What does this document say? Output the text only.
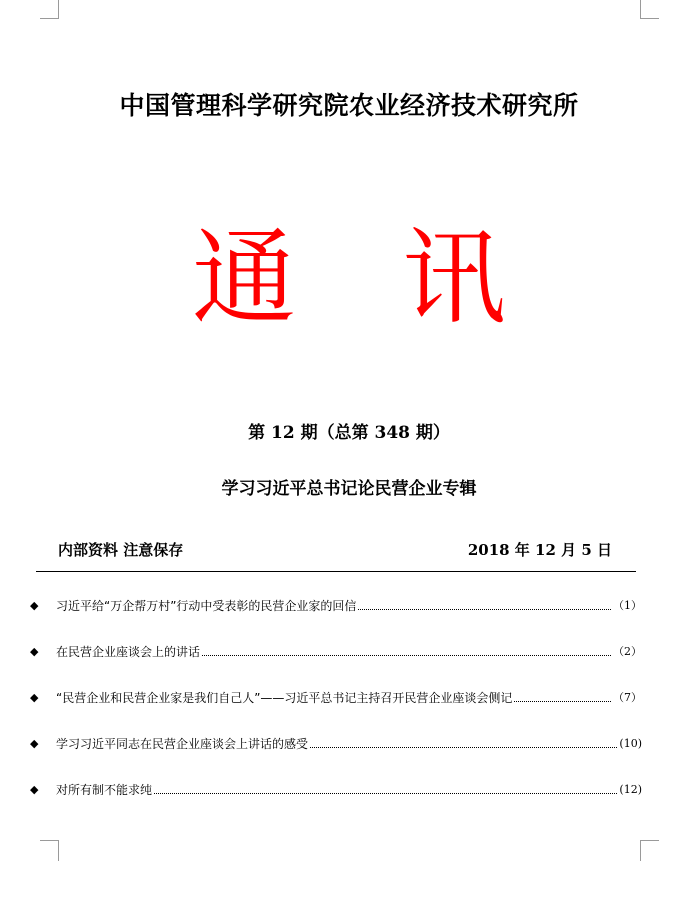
中国管理科学研究院农业经济技术研究所
通 讯
第 12 期（总第 348 期）
学习习近平总书记论民营企业专辑
内部资料 注意保存	2018 年 12 月 5 日
◆	习近平给“万企帮万村”行动中受表彰的民营企业家的回信	（1）
◆	在民营企业座谈会上的讲话	（2）
◆	“民营企业和民营企业家是我们自己人”——习近平总书记主持召开民营企业座谈会侧记	（7）
◆	学习习近平同志在民营企业座谈会上讲话的感受	(10)
◆	对所有制不能求纯	(12)
